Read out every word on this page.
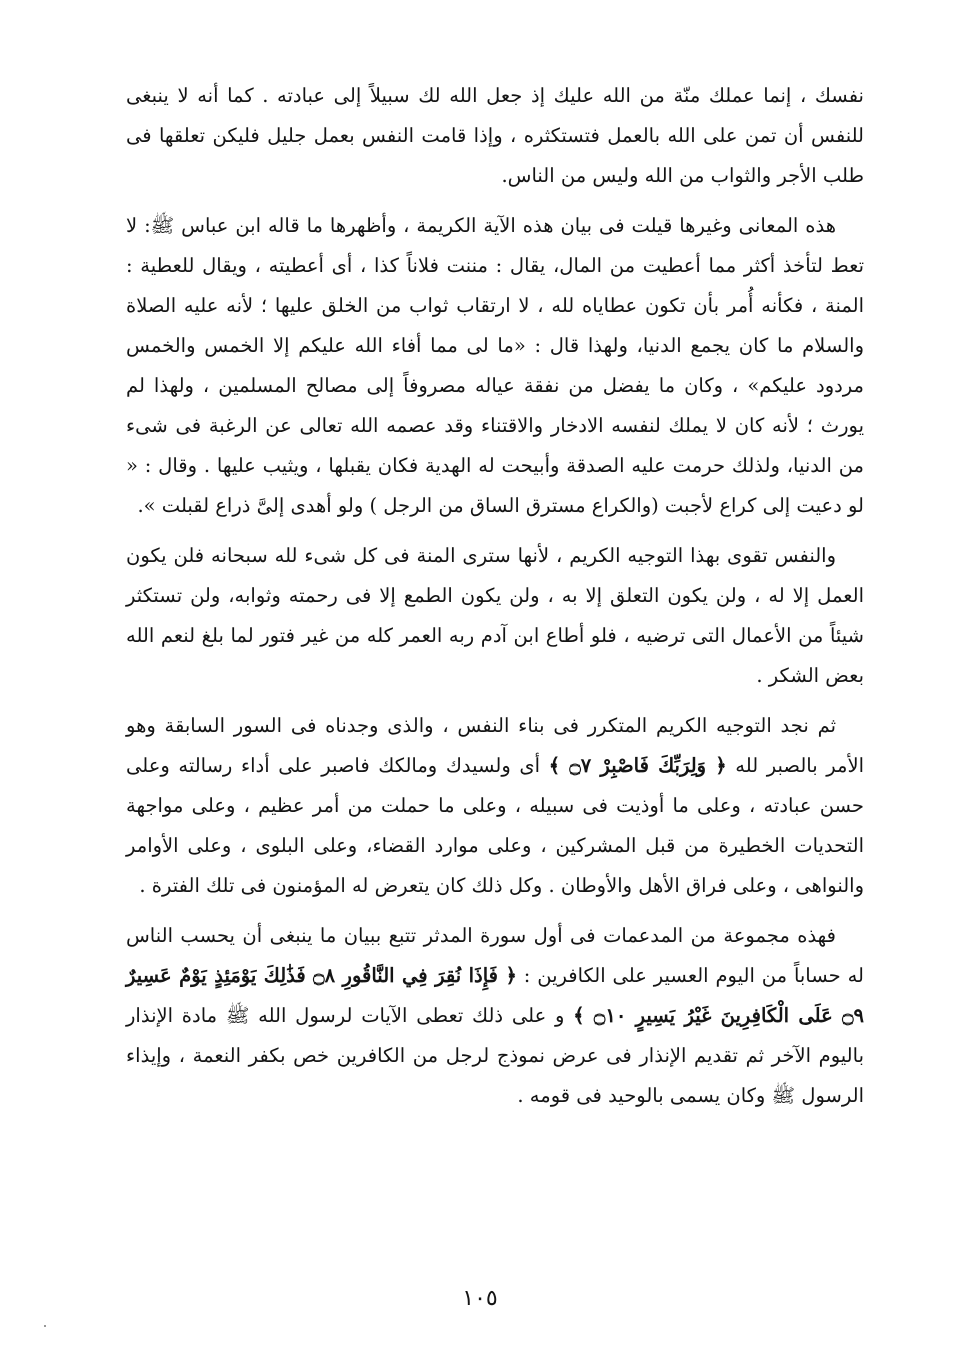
نفسك ، إنما عملك منّة من الله عليك إذ جعل الله لك سبيلاً إلى عبادته . كما أنه لا ينبغى للنفس أن تمن على الله بالعمل فتستكثره ، وإذا قامت النفس بعمل جليل فليكن تعلقها فى طلب الأجر والثواب من الله وليس من الناس.

هذه المعانى وغيرها قيلت فى بيان هذه الآية الكريمة ، وأظهرها ما قاله ابن عباس ﷺ: لا تعط لتأخذ أكثر مما أعطيت من المال، يقال : مننت فلاناً كذا ، أى أعطيته ، ويقال للعطية : المنة ، فكأنه أُمر بأن تكون عطاياه لله ، لا ارتقاب ثواب من الخلق عليها ؛ لأنه عليه الصلاة والسلام ما كان يجمع الدنيا، ولهذا قال : «ما لى مما أفاء الله عليكم إلا الخمس والخمس مردود عليكم» ، وكان ما يفضل من نفقة عياله مصروفاً إلى مصالح المسلمين ، ولهذا لم يورث ؛ لأنه كان لا يملك لنفسه الادخار والاقتناء وقد عصمه الله تعالى عن الرغبة فى شىء من الدنيا، ولذلك حرمت عليه الصدقة وأبيحت له الهدية فكان يقبلها ، ويثيب عليها . وقال : « لو دعيت إلى كراع لأجبت (والكراع مسترق الساق من الرجل ) ولو أهدى إلىَّ ذراع لقبلت ».

والنفس تقوى بهذا التوجيه الكريم ، لأنها سترى المنة فى كل شىء لله سبحانه فلن يكون العمل إلا له ، ولن يكون التعلق إلا به ، ولن يكون الطمع إلا فى رحمته وثوابه، ولن تستكثر شيئاً من الأعمال التى ترضيه ، فلو أطاع ابن آدم ربه العمر كله من غير فتور لما بلغ لنعم الله بعض الشكر .

ثم نجد التوجيه الكريم المتكرر فى بناء النفس ، والذى وجدناه فى السور السابقة وهو الأمر بالصبر لله ﴿ وَلِرَبِّكَ فَاصْبِرْ ۝٧ ﴾ أى ولسيدك ومالكك فاصبر على أداء رسالته وعلى حسن عبادته ، وعلى ما أوذيت فى سبيله ، وعلى ما حملت من أمر عظيم ، وعلى مواجهة التحديات الخطيرة من قبل المشركين ، وعلى موارد القضاء، وعلى البلوى ، وعلى الأوامر والنواهى ، وعلى فراق الأهل والأوطان . وكل ذلك كان يتعرض له المؤمنون فى تلك الفترة .

فهذه مجموعة من المدعمات فى أول سورة المدثر تتبع ببيان ما ينبغى أن يحسب الناس له حساباً من اليوم العسير على الكافرين : ﴿ فَإِذَا نُقِرَ فِي النَّاقُورِ ۝٨ فَذَٰلِكَ يَوْمَئِذٍ يَوْمٌ عَسِيرٌ ۝٩ عَلَى الْكَافِرِينَ غَيْرُ يَسِيرٍ ۝١٠ ﴾ و على ذلك تعطى الآيات لرسول الله ﷺ مادة الإنذار باليوم الآخر ثم تقديم الإنذار فى عرض نموذج لرجل من الكافرين خص بكفر النعمة ، وإيذاء الرسول ﷺ وكان يسمى بالوحيد فى قومه .

١٠٥
